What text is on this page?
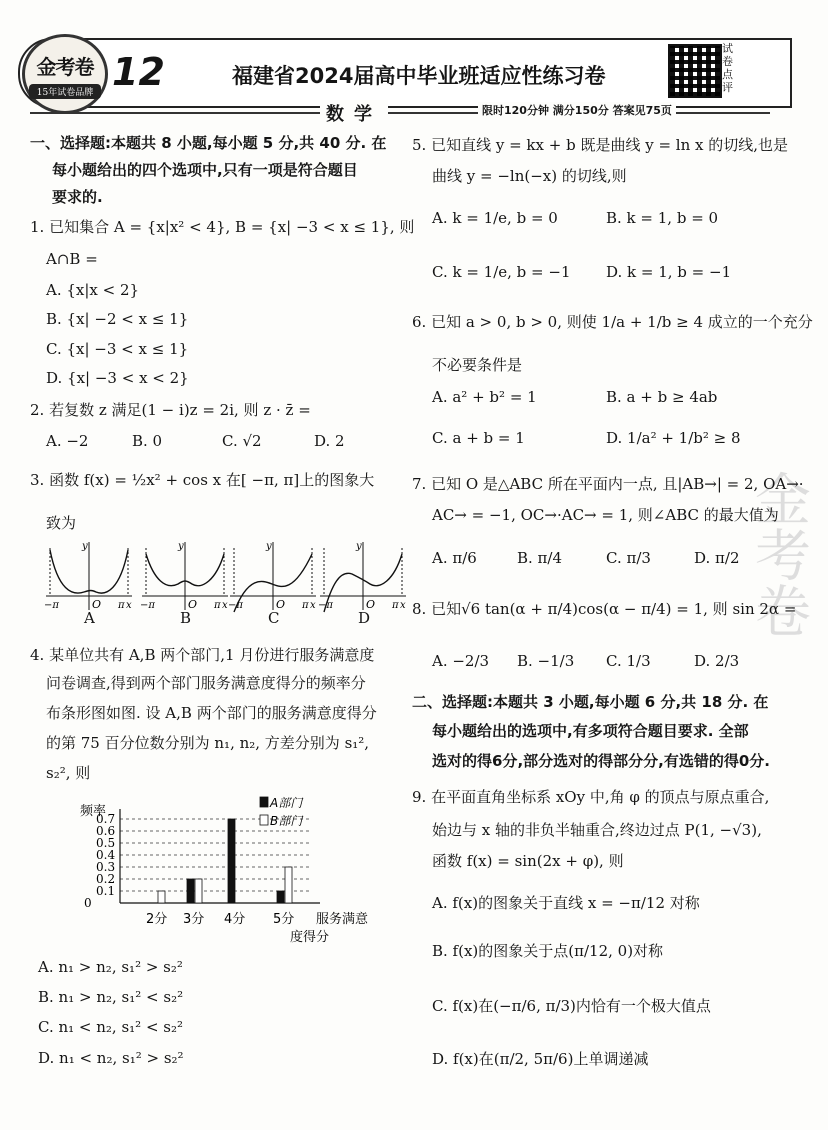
金考卷
15年试卷品牌 12	福建省2024届高中毕业班适应性练习卷
试卷点评
数学	限时120分钟 满分150分 答案见75页
金考卷
一、选择题:本题共 8 小题,每小题 5 分,共 40 分. 在
每小题给出的四个选项中,只有一项是符合题目
要求的.
1. 已知集合 A = {x|x² < 4}, B = {x| −3 < x ≤ 1}, 则
A∩B =
A. {x|x < 2}
B. {x| −2 < x ≤ 1}
C. {x| −3 < x ≤ 1}
D. {x| −3 < x < 2}
2. 若复数 z 满足(1 − i)z = 2i, 则 z · z̄ =
A. −2	B. 0	C. √2	D. 2
3. 函数 f(x) = ½x² + cos x 在[ −π, π]上的图象大
致为
4. 某单位共有 A,B 两个部门,1 月份进行服务满意度
问卷调查,得到两个部门服务满意度得分的频率分
布条形图如图. 设 A,B 两个部门的服务满意度得分
的第 75 百分位数分别为 n₁, n₂, 方差分别为 s₁²,
s₂², 则
A. n₁ > n₂, s₁² > s₂²
B. n₁ > n₂, s₁² < s₂²
C. n₁ < n₂, s₁² < s₂²
D. n₁ < n₂, s₁² > s₂²
5. 已知直线 y = kx + b 既是曲线 y = ln x 的切线,也是
曲线 y = −ln(−x) 的切线,则
A. k = 1/e, b = 0	B. k = 1, b = 0
C. k = 1/e, b = −1 D. k = 1, b = −1
6. 已知 a > 0, b > 0, 则使 1/a + 1/b ≥ 4 成立的一个充分
不必要条件是
A. a² + b² = 1	B. a + b ≥ 4ab
C. a + b = 1	D. 1/a² + 1/b² ≥ 8
7. 已知 O 是△ABC 所在平面内一点, 且|AB→| = 2, OA→·
AC→ = −1, OC→·AC→ = 1, 则∠ABC 的最大值为
A. π/6	B. π/4	C. π/3	D. π/2
8. 已知√6 tan(α + π/4)cos(α − π/4) = 1, 则 sin 2α =
A. −2/3 B. −1/3 C. 1/3	D. 2/3
二、选择题:本题共 3 小题,每小题 6 分,共 18 分. 在
每小题给出的选项中,有多项符合题目要求. 全部
选对的得6分,部分选对的得部分分,有选错的得0分.
9. 在平面直角坐标系 xOy 中,角 φ 的顶点与原点重合,
始边与 x 轴的非负半轴重合,终边过点 P(1, −√3),
函数 f(x) = sin(2x + φ), 则
A. f(x)的图象关于直线 x = −π/12 对称
B. f(x)的图象关于点(π/12, 0)对称
C. f(x)在(−π/6, π/3)内恰有一个极大值点
D. f(x)在(π/2, 5π/6)上单调递减
y
−π	O π x
A
y
−π	O π x
B
y
−π	O π x
C
y
−π	O π x
D
0.1
0.2
0.3
0.4
0.5
0.6
0.7
0
频率
2分 3分 4分 5分 服务满意
度得分
A部门
B部门
